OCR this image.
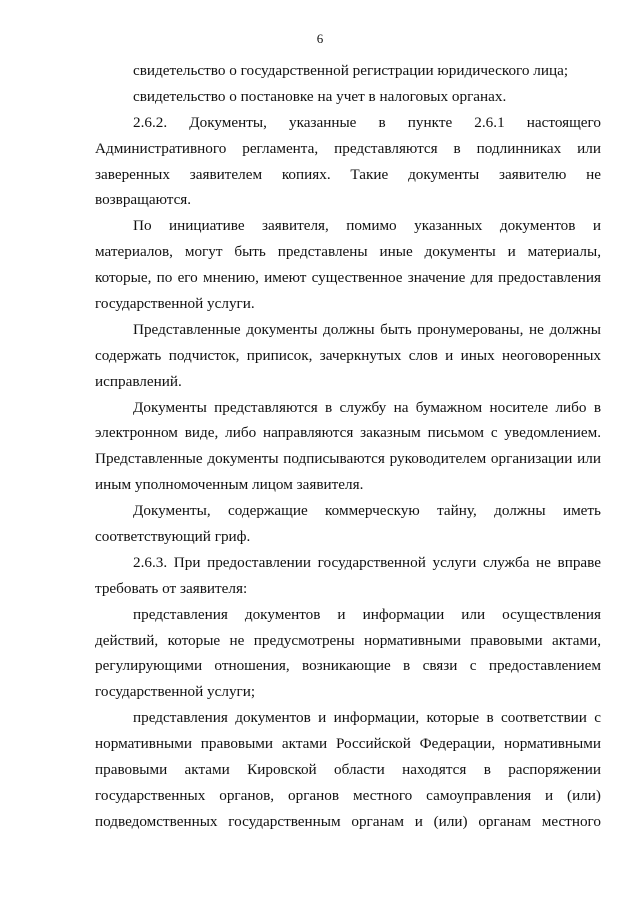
6
свидетельство о государственной регистрации юридического лица;
свидетельство о постановке на учет в налоговых органах.
2.6.2. Документы, указанные в пункте 2.6.1 настоящего
Административного регламента, представляются в подлинниках или
заверенных заявителем копиях. Такие документы заявителю не
возвращаются.
По инициативе заявителя, помимо указанных документов и
материалов, могут быть представлены иные документы и материалы,
которые, по его мнению, имеют существенное значение для предоставления
государственной услуги.
Представленные документы должны быть пронумерованы, не должны
содержать подчисток, приписок, зачеркнутых слов и иных неоговоренных
исправлений.
Документы представляются в службу на бумажном носителе либо в
электронном виде, либо направляются заказным письмом с уведомлением.
Представленные документы подписываются руководителем организации или
иным уполномоченным лицом заявителя.
Документы, содержащие коммерческую тайну, должны иметь
соответствующий гриф.
2.6.3. При предоставлении государственной услуги служба не вправе
требовать от заявителя:
представления документов и информации или осуществления
действий, которые не предусмотрены нормативными правовыми актами,
регулирующими отношения, возникающие в связи с предоставлением
государственной услуги;
представления документов и информации, которые в соответствии с
нормативными правовыми актами Российской Федерации, нормативными
правовыми актами Кировской области находятся в распоряжении
государственных органов, органов местного самоуправления и (или)
подведомственных государственным органам и (или) органам местного
